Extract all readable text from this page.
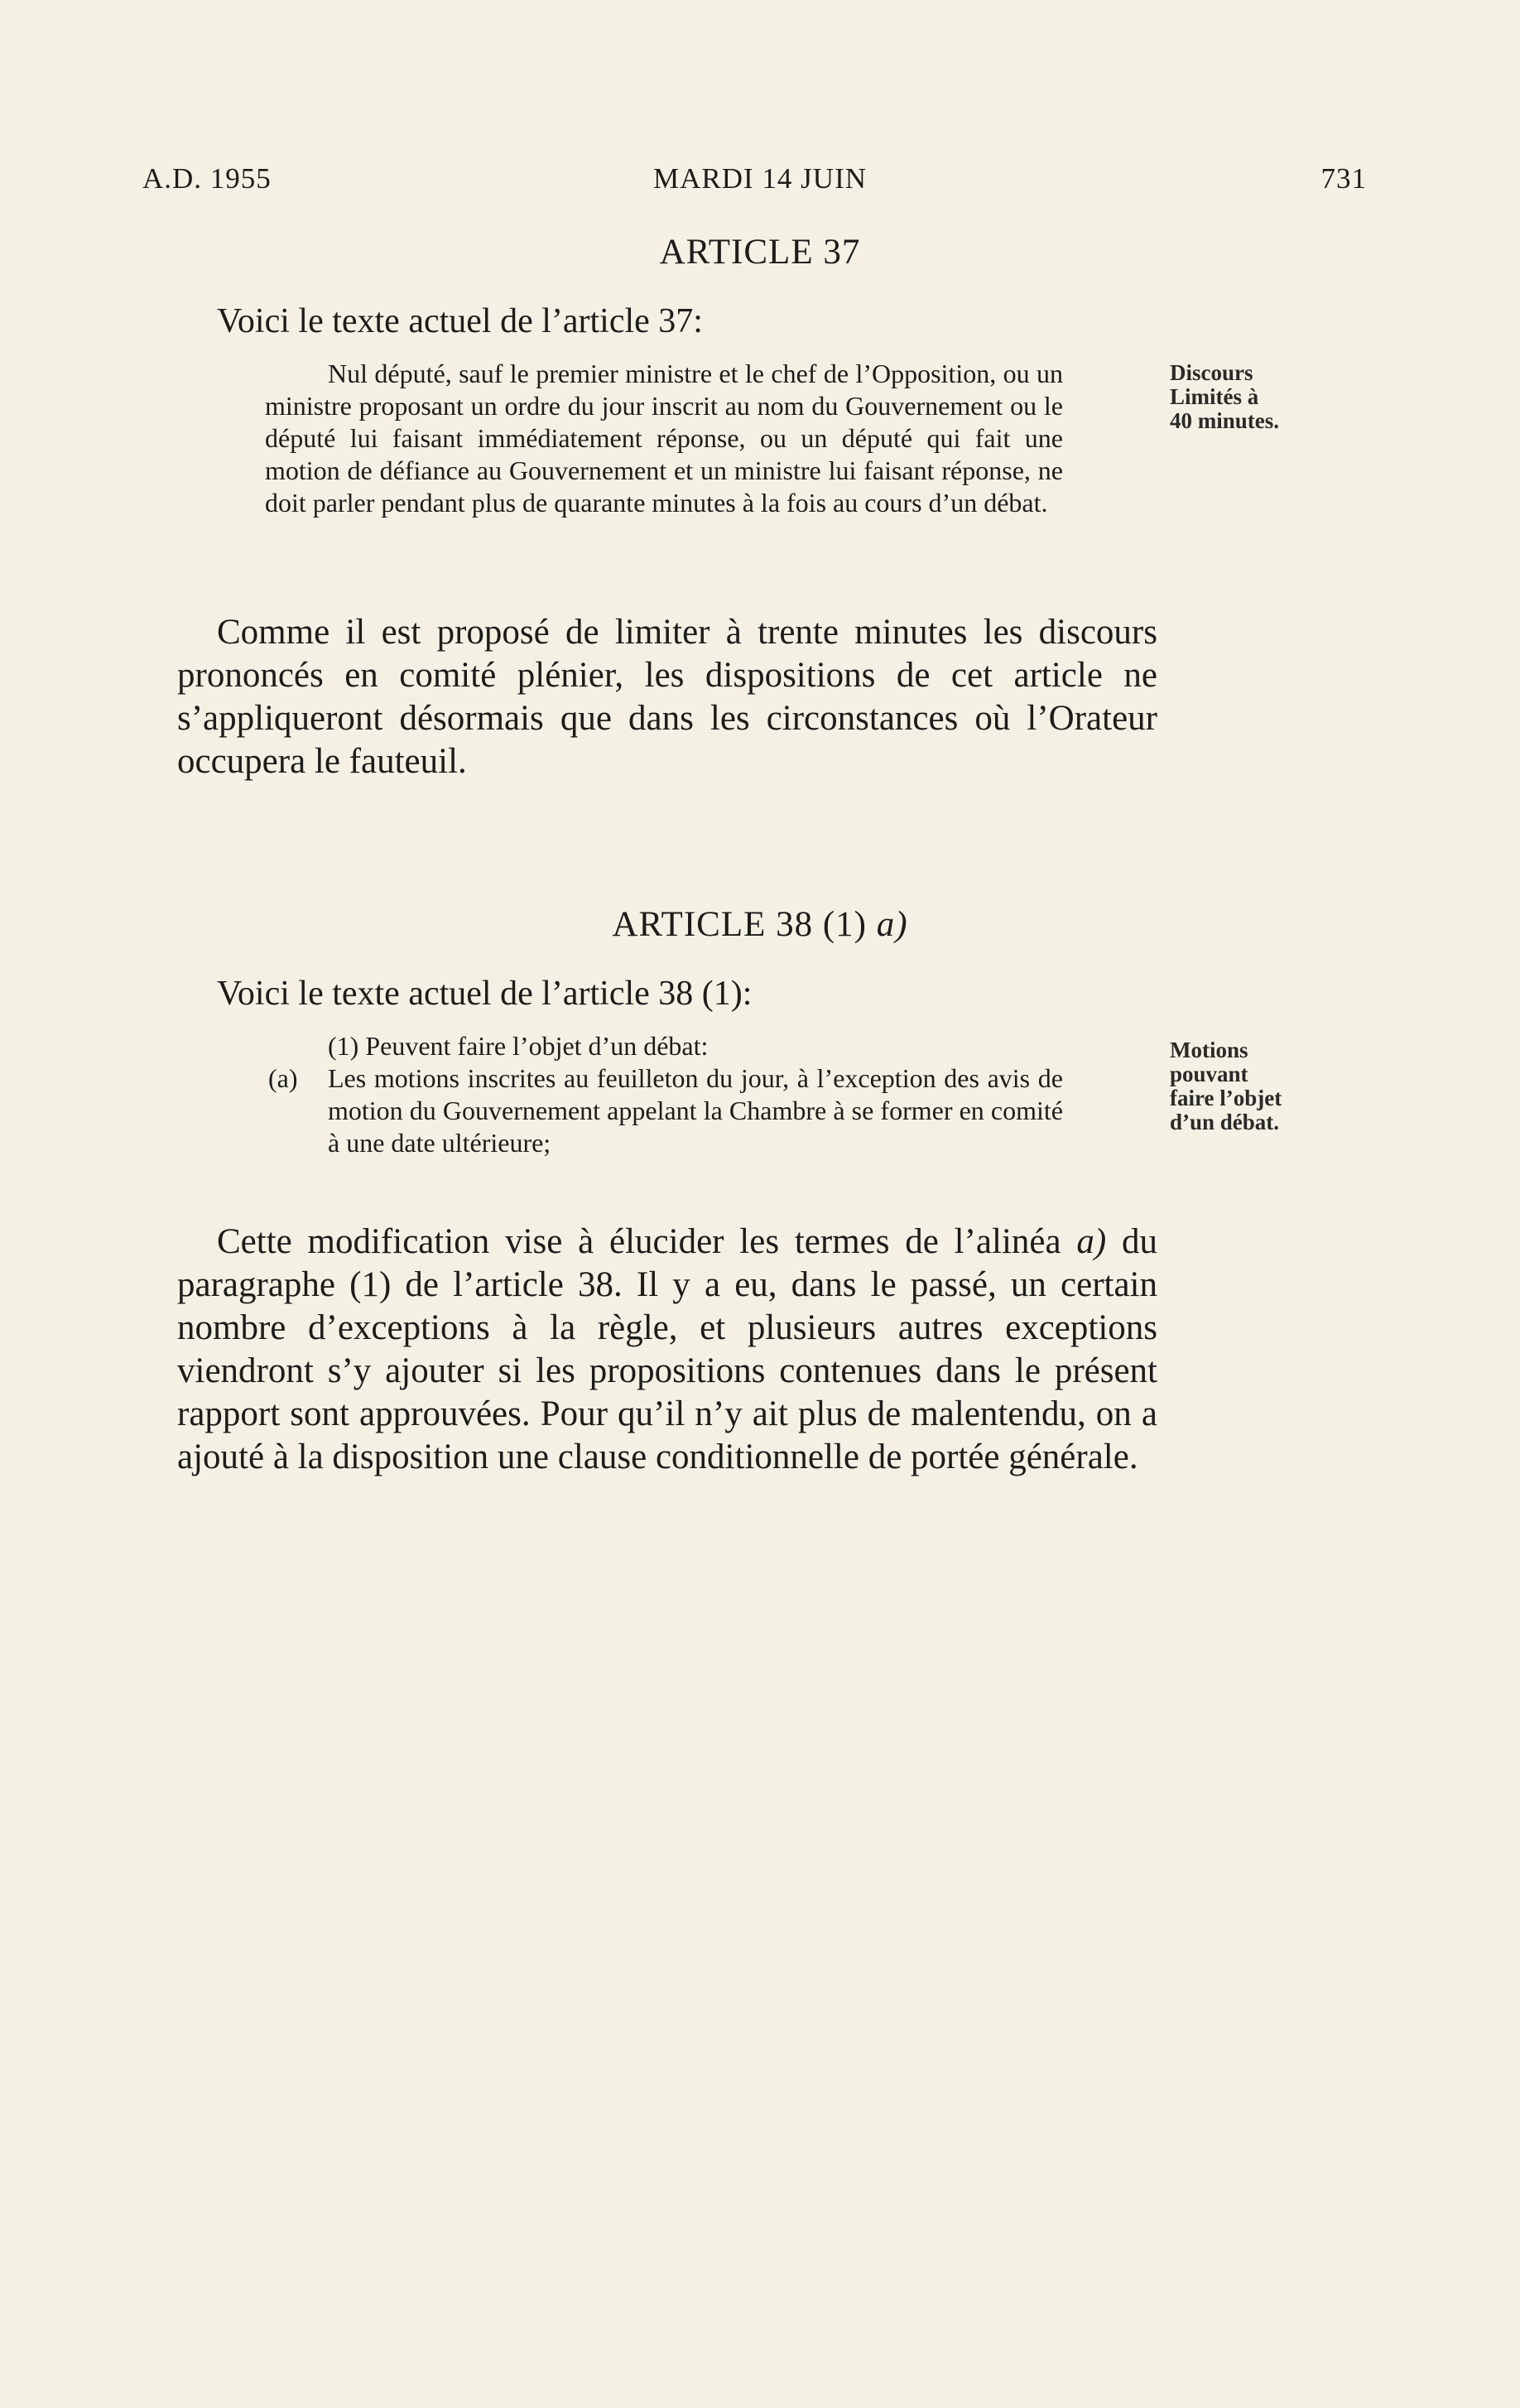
A.D. 1955	MARDI 14 JUIN	731
ARTICLE 37
Voici le texte actuel de l’article 37:
Nul député, sauf le premier ministre et le chef de l’Opposition, ou un ministre proposant un ordre du jour inscrit au nom du Gouvernement ou le député lui faisant immédiatement réponse, ou un député qui fait une motion de défiance au Gouvernement et un ministre lui faisant réponse, ne doit parler pendant plus de quarante minutes à la fois au cours d’un débat.
Discours
Limités à
40 minutes.
Comme il est proposé de limiter à trente minutes les discours prononcés en comité plénier, les dispositions de cet article ne s’appliqueront désormais que dans les circonstances où l’Orateur occupera le fauteuil.
ARTICLE 38 (1) a)
Voici le texte actuel de l’article 38 (1):
(1) Peuvent faire l’objet d’un débat:
(a) Les motions inscrites au feuilleton du jour, à l’exception des avis de motion du Gouvernement appelant la Chambre à se former en comité à une date ultérieure;
Motions
pouvant
faire l’objet
d’un débat.
Cette modification vise à élucider les termes de l’alinéa a) du paragraphe (1) de l’article 38. Il y a eu, dans le passé, un certain nombre d’exceptions à la règle, et plusieurs autres exceptions viendront s’y ajouter si les propositions contenues dans le présent rapport sont approuvées. Pour qu’il n’y ait plus de malentendu, on a ajouté à la disposition une clause conditionnelle de portée générale.
